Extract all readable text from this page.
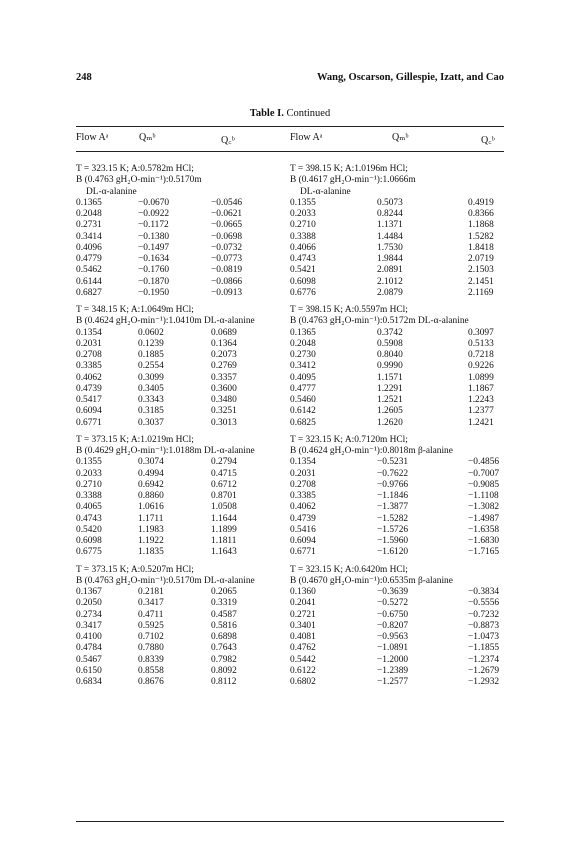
248	Wang, Oscarson, Gillespie, Izatt, and Cao
Table I. Continued
Flow Aᵃ	Qₘᵇ	Q꜀ᵇ	Flow Aᵃ	Qₘᵇ	Q꜀ᵇ
T = 323.15 K; A:0.5782m HCl;
B (0.4763 gH₂O-min⁻¹):0.5170m
DL-α-alanine
0.1365	−0.0670	−0.0546
0.2048	−0.0922	−0.0621
0.2731	−0.1172	−0.0665
0.3414	−0.1380	−0.0698
0.4096	−0.1497	−0.0732
0.4779	−0.1634	−0.0773
0.5462	−0.1760	−0.0819
0.6144	−0.1870	−0.0866
0.6827	−0.1950	−0.0913
T = 348.15 K; A:1.0649m HCl;
B (0.4624 gH₂O-min⁻¹):1.0410m DL-α-alanine
0.1354	0.0602	0.0689
0.2031	0.1239	0.1364
0.2708	0.1885	0.2073
0.3385	0.2554	0.2769
0.4062	0.3099	0.3357
0.4739	0.3405	0.3600
0.5417	0.3343	0.3480
0.6094	0.3185	0.3251
0.6771	0.3037	0.3013
T = 373.15 K; A:1.0219m HCl;
B (0.4629 gH₂O-min⁻¹):1.0188m DL-α-alanine
0.1355	0.3074	0.2794
0.2033	0.4994	0.4715
0.2710	0.6942	0.6712
0.3388	0.8860	0.8701
0.4065	1.0616	1.0508
0.4743	1.1711	1.1644
0.5420	1.1983	1.1899
0.6098	1.1922	1.1811
0.6775	1.1835	1.1643
T = 373.15 K; A:0.5207m HCl;
B (0.4763 gH₂O-min⁻¹):0.5170m DL-α-alanine
0.1367	0.2181	0.2065
0.2050	0.3417	0.3319
0.2734	0.4711	0.4587
0.3417	0.5925	0.5816
0.4100	0.7102	0.6898
0.4784	0.7880	0.7643
0.5467	0.8339	0.7982
0.6150	0.8558	0.8092
0.6834	0.8676	0.8112
T = 398.15 K; A:1.0196m HCl;
B (0.4617 gH₂O-min⁻¹):1.0666m
DL-α-alanine
0.1355	0.5073	0.4919
0.2033	0.8244	0.8366
0.2710	1.1371	1.1868
0.3388	1.4484	1.5282
0.4066	1.7530	1.8418
0.4743	1.9844	2.0719
0.5421	2.0891	2.1503
0.6098	2.1012	2.1451
0.6776	2.0879	2.1169
T = 398.15 K; A:0.5597m HCl;
B (0.4763 gH₂O-min⁻¹):0.5172m DL-α-alanine
0.1365	0.3742	0.3097
0.2048	0.5908	0.5133
0.2730	0.8040	0.7218
0.3412	0.9990	0.9226
0.4095	1.1571	1.0899
0.4777	1.2291	1.1867
0.5460	1.2521	1.2243
0.6142	1.2605	1.2377
0.6825	1.2620	1.2421
T = 323.15 K; A:0.7120m HCl;
B (0.4624 gH₂O-min⁻¹):0.8018m β-alanine
0.1354	−0.5231	−0.4856
0.2031	−0.7622	−0.7007
0.2708	−0.9766	−0.9085
0.3385	−1.1846	−1.1108
0.4062	−1.3877	−1.3082
0.4739	−1.5282	−1.4987
0.5416	−1.5726	−1.6358
0.6094	−1.5960	−1.6830
0.6771	−1.6120	−1.7165
T = 323.15 K; A:0.6420m HCl;
B (0.4670 gH₂O-min⁻¹):0.6535m β-alanine
0.1360	−0.3639	−0.3834
0.2041	−0.5272	−0.5556
0.2721	−0.6750	−0.7232
0.3401	−0.8207	−0.8873
0.4081	−0.9563	−1.0473
0.4762	−1.0891	−1.1855
0.5442	−1.2000	−1.2374
0.6122	−1.2389	−1.2679
0.6802	−1.2577	−1.2932
